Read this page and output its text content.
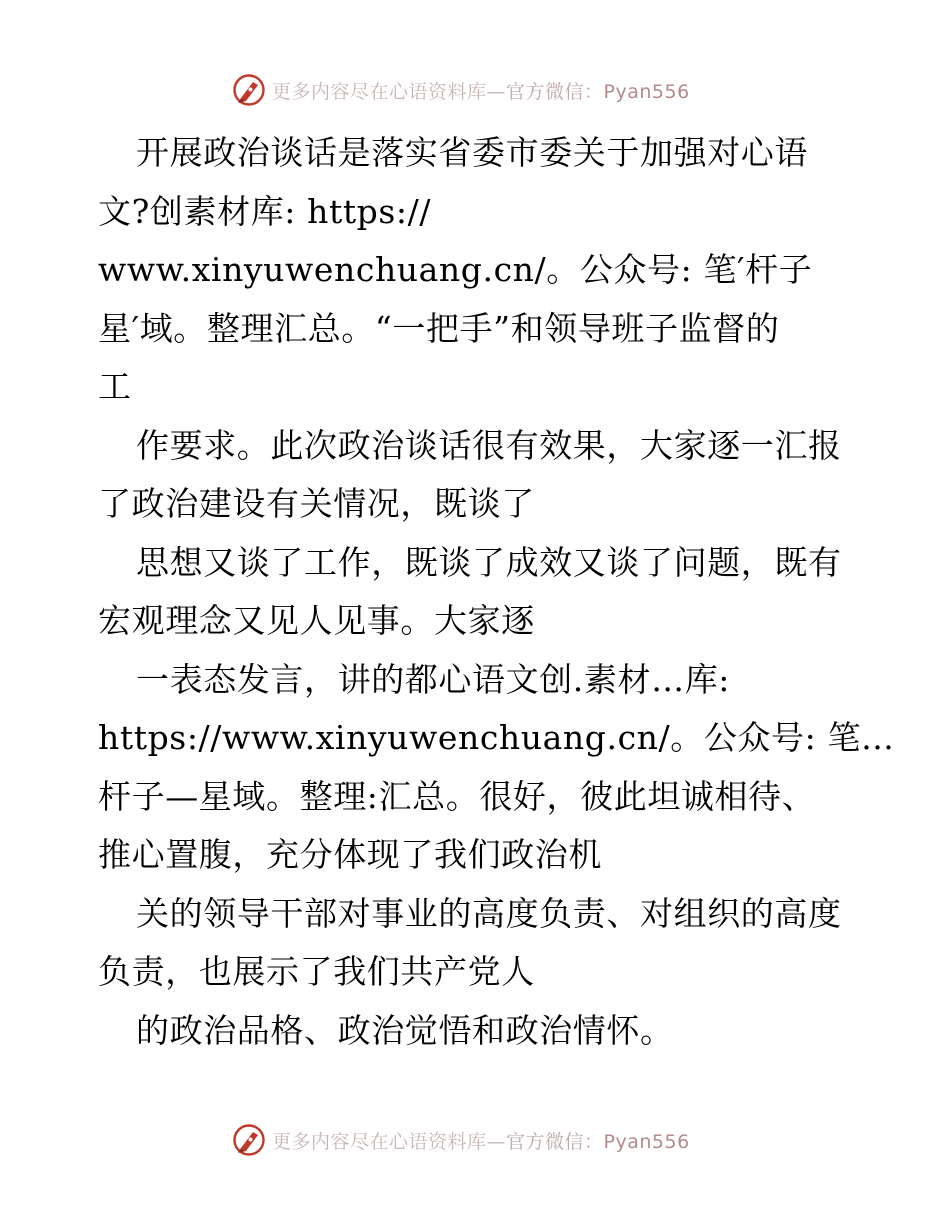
更多内容尽在心语资料库—官方微信：Pyan556
开展政治谈话是落实省委市委关于加强对心语
文?创素材库: https://
www.xinyuwenchuang.cn/。公众号: 笔′杆子
星′域。整理汇总。“一把手”和领导班子监督的
工
作要求。此次政治谈话很有效果，大家逐一汇报
了政治建设有关情况，既谈了
思想又谈了工作，既谈了成效又谈了问题，既有
宏观理念又见人见事。大家逐
一表态发言，讲的都心语文创.素材…库:
https://www.xinyuwenchuang.cn/。公众号: 笔…
杆子—星域。整理:汇总。很好，彼此坦诚相待、
推心置腹，充分体现了我们政治机
关的领导干部对事业的高度负责、对组织的高度
负责，也展示了我们共产党人
的政治品格、政治觉悟和政治情怀。
更多内容尽在心语资料库—官方微信：Pyan556
